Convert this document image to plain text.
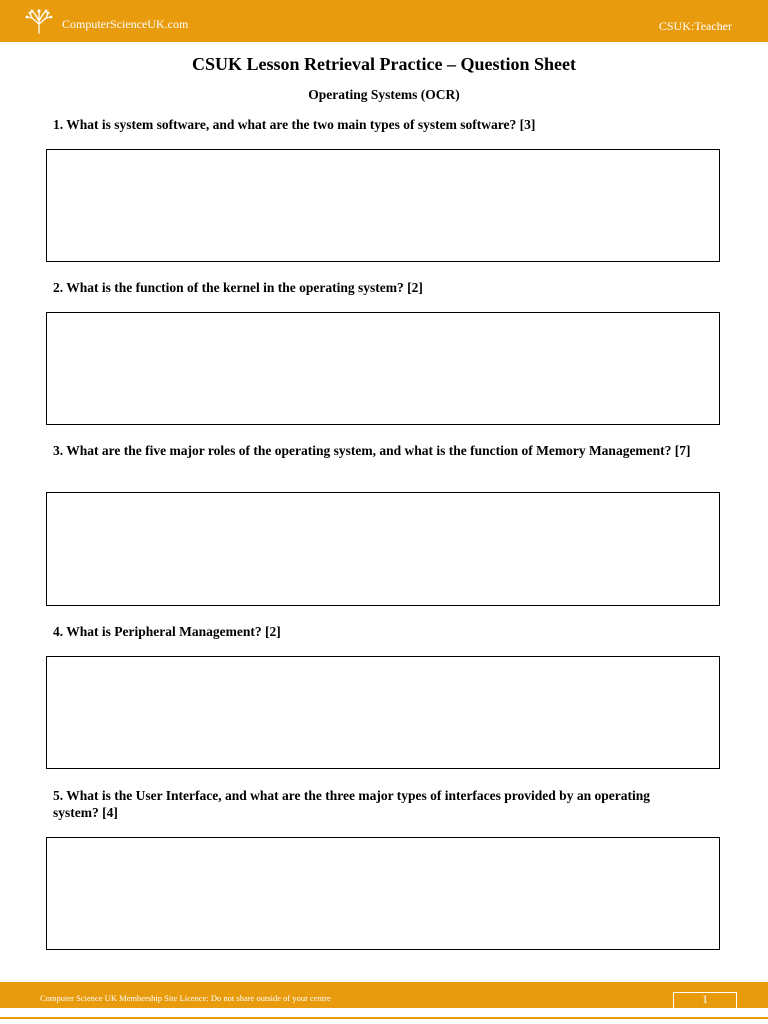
ComputerScienceUK.com	CSUK:Teacher
CSUK Lesson Retrieval Practice – Question Sheet
Operating Systems (OCR)
1. What is system software, and what are the two main types of system software? [3]
2. What is the function of the kernel in the operating system? [2]
3. What are the five major roles of the operating system, and what is the function of Memory Management? [7]
4. What is Peripheral Management? [2]
5. What is the User Interface, and what are the three major types of interfaces provided by an operating system? [4]
Computer Science UK Membership Site Licence: Do not share outside of your centre	1
